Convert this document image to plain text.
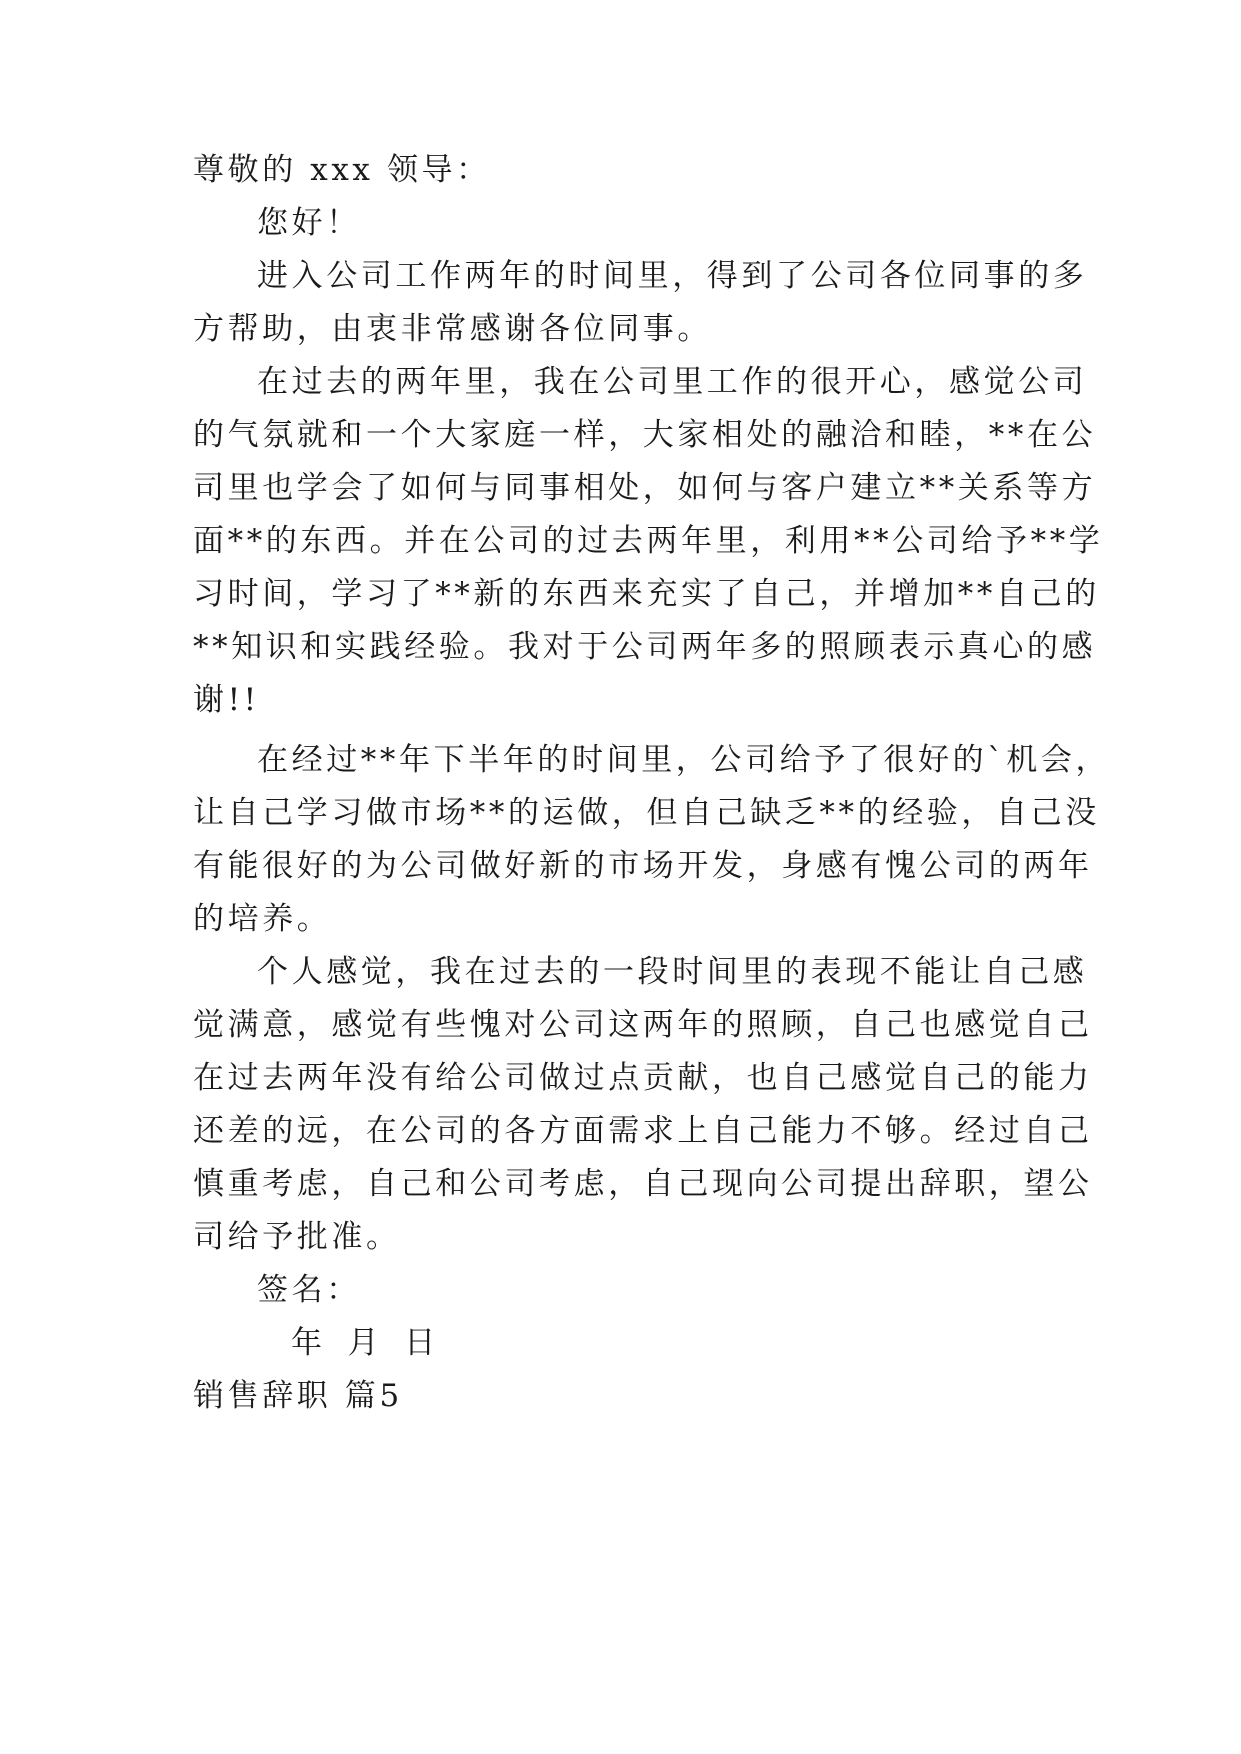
尊敬的 xxx 领导：
您好！
进入公司工作两年的时间里，得到了公司各位同事的多
方帮助，由衷非常感谢各位同事。
在过去的两年里，我在公司里工作的很开心，感觉公司
的气氛就和一个大家庭一样，大家相处的融洽和睦，**在公
司里也学会了如何与同事相处，如何与客户建立**关系等方
面**的东西。并在公司的过去两年里，利用**公司给予**学
习时间，学习了**新的东西来充实了自己，并增加**自己的
**知识和实践经验。我对于公司两年多的照顾表示真心的感
谢!!
在经过**年下半年的时间里，公司给予了很好的`机会，
让自己学习做市场**的运做，但自己缺乏**的经验，自己没
有能很好的为公司做好新的市场开发，身感有愧公司的两年
的培养。
个人感觉，我在过去的一段时间里的表现不能让自己感
觉满意，感觉有些愧对公司这两年的照顾，自己也感觉自己
在过去两年没有给公司做过点贡献，也自己感觉自己的能力
还差的远，在公司的各方面需求上自己能力不够。经过自己
慎重考虑，自己和公司考虑，自己现向公司提出辞职，望公
司给予批准。
签名：
年 月 日
销售辞职 篇5
